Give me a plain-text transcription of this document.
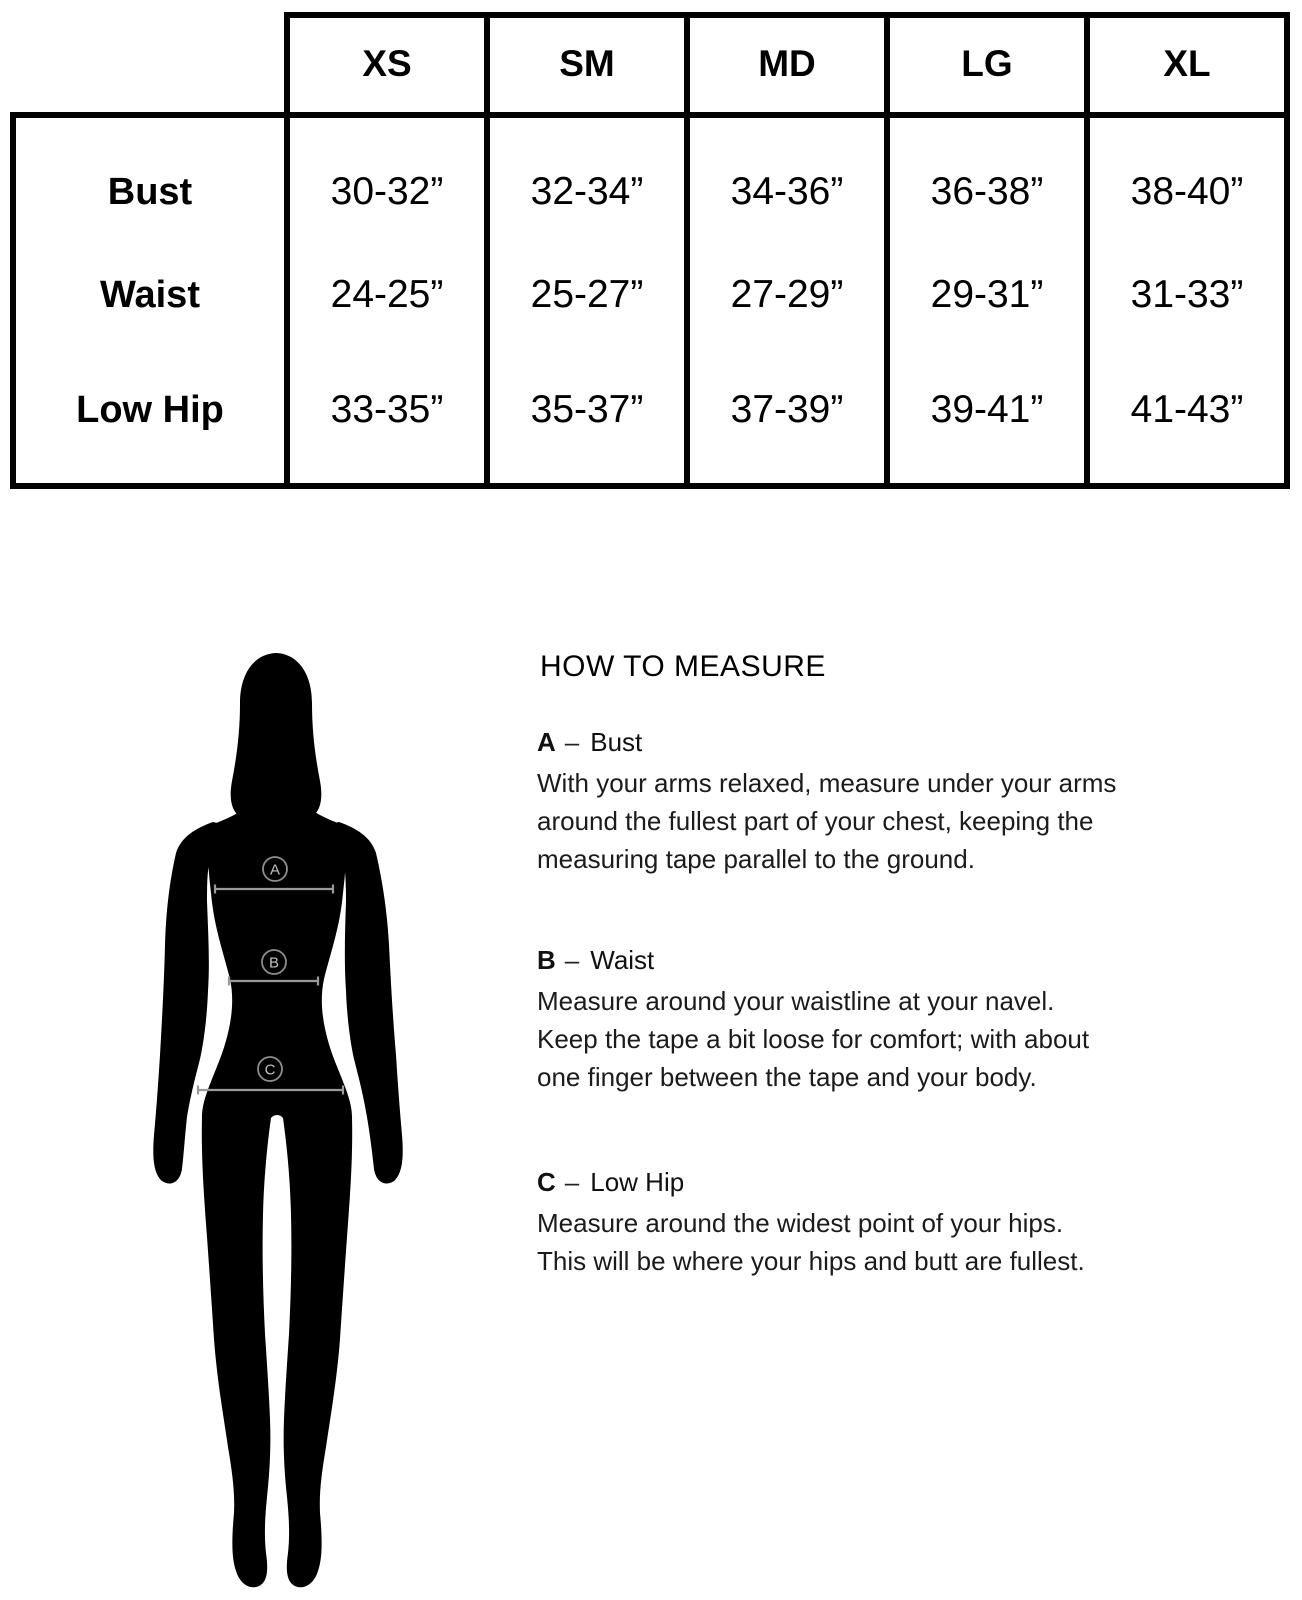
XS	SM	MD	LG	XL
Bust	30-32”	32-34”	34-36”	36-38”	38-40”
Waist	24-25”	25-27”	27-29”	29-31”	31-33”
Low Hip	33-35”	35-37”	37-39”	39-41”	41-43”
A
B
C
HOW TO MEASURE
A – Bust

With your arms relaxed, measure under your arms
around the fullest part of your chest, keeping the
measuring tape parallel to the ground.

B – Waist

Measure around your waistline at your navel.
Keep the tape a bit loose for comfort; with about
one finger between the tape and your body.

C – Low Hip

Measure around the widest point of your hips.
This will be where your hips and butt are fullest.
